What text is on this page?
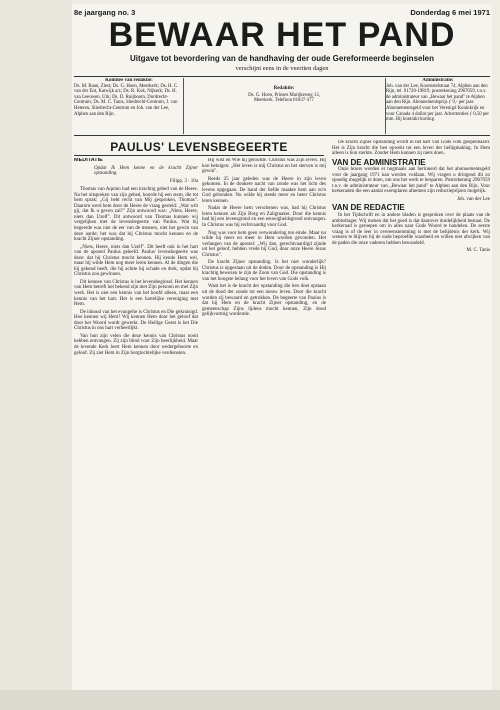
8e jaargang no. 3	Donderdag 6 mei 1971
BEWAAR HET PAND
Uitgave tot bevordering van de handhaving der oude Gereformeerde beginselen
verschijnt eens in de veertien dagen
Komitee van redaktie:
Ds. M. Baan, Ziest; Ds. G. Hoen, Meerkerk; Ds. H. C. van der Ent, Katwijk a/z; Ds. R. Kok, Nijkerk; Ds. H. van Leeuwen, Urk; Ds. D. Ruijboom, Dordrecht-Centrum; Ds. M. C. Tanis, Sliedrecht-Centrum; J. van Heteren, Sliedrecht-Centrum en Joh. van der Lee, Alphen aan den Rijn.
Redaktie:
Ds. G. Hoen, Prinses Marijkeweg 13,
Meerkerk. Telefoon 01837-377
Administratie:
Joh. van der Lee, Koornstelstraat 74, Alphen aan den Rijn, tel. 01720-19819, postrekening 2967059, t.n.v. de administrateur van „Bewaar het pand" te Alphen aan den Rijn. Abonnementsprijs ƒ 9,- per jaar. Abonnementsgeld voor het Verenigd Koninkrijk en voor Canada 4 dollar per jaar. Advertenties ƒ 0,50 per mm. Bij kontrakt korting.
PAULUS' LEVENSBEGEERTE
MEDITATIE
Opdat Ik Hem kenne en de kracht Zijner opstanding.
Filipp. 3 : 10a

Thomas van Aquino had een krachtig gebed van de Heere. Na het uitspreken van zijn gebed, hoorde hij een stem, die tot hem sprak: „Gij hebt recht van Mij gesproken, Thomas". Daarom werd hem door de Heere de vraag gesteld: „Wat wilt gij, dat Ik u geven zal?" Zijn antwoord was: „Niets, Heere, niets dan Uzelf". Dit antwoord van Thomas kunnen wij vergelijken met de levensbegeerte van Paulus. Wat hij begeerde was niet de eer van de mensen, niet het gewin van deze aarde; het was dat hij Christus mocht kennen en de kracht Zijner opstanding.

„Niets, Heere, niets dan Uzelf". Dit heeft ook in het hart van de apostel Paulus geleefd. Paulus' levensbegeerte was deze: dat hij Christus mocht kennen. Hij kende Hem wel, maar hij wilde Hem nog meer leren kennen. Al de dingen die hij gekend heeft, die hij achtte hij schade en drek, opdat hij Christus zou gewinnen.

Dit kennen van Christus is het levensbeginsel. Het kennen van Hem betreft het bekend zijn met Zijn persoon en met Zijn werk. Het is niet een kennis van het hoofd alleen, maar een kennis van het hart. Het is een hartelijke vereniging met Hem.

De inhoud van het evangelie is Christus en Die gekruisigd. Hoe kennen wij Hem? Wij kennen Hem door het geloof dat door het Woord wordt gewerkt. De Heilige Geest is het Die Christus in ons hart verheerlijkt.

Van hun zijn velen die deze kennis van Christus nooit hebben ontvangen. Zij zijn blind voor Zijn heerlijkheid. Maar de levende Kerk leert Hem kennen door wedergeboorte en geloof. Zij ziet Hem in Zijn borgtochtelijke verdiensten.

Hij wist en Wie hij geloofde. Christus was Zijn leven. Hij kon betuigen: „Het leven is mij Christus en het sterven is mij gewin".

Reeds 25 jaar geleden was de Heere in zijn leven gekomen. In de donkere nacht van zonde was het licht des levens opgegaan. De hand der liefde maakte hem aan zo'n God gebonden. Nu wilde hij steeds meer en beter Christus leren kennen.

Nadat de Heere hem verschenen was, had hij Christus leren kennen als Zijn Borg en Zaligmaker. Door die kennis had hij een levensgrond en een eeuwigheidsgrond ontvangen. In Christus was hij rechtvaardig voor God.

Nog was voor hem geen verwondering ten einde. Maar nu wilde hij meer en meer in Hem worden gevonden. Het verlangen van de apostel: „Wij dan, gerechtvaardigd zijnde uit het geloof, hebben vrede bij God, door onze Heere Jezus Christus".

De kracht Zijner opstanding. Is het niet wonderlijk? Christus is opgestaan uit de doden. Door de opstanding is Hij krachtig bewezen te zijn de Zoon van God. Die opstanding is van het hoogste belang voor het leven van Gods volk.

Want het is de kracht der opstanding die hen doet opstaan uit de dood der zonde tot een nieuw leven. Door die kracht worden zij bewaard en getrokken. De begeerte van Paulus is dat hij Hem en de kracht Zijner opstanding, en de gemeenschap Zijns lijdens mocht kennen, Zijn dood gelijkvormig wordende.

De kracht Zijner opstanding wordt in het hart van Gods volk geopenbaard. Het is Zijn kracht die hen opwekt tot een leven der heiligmaking. In Hem alleen is hun sterkte. Zonder Hem kunnen zij niets doen.

VAN DE ADMINISTRATIE

Onze lezers worden er nogmaals aan herinnerd dat het abonnementsgeld voor de jaargang 1971 kan worden voldaan. Wij vragen u dringend dit zo spoedig mogelijk te doen, om ons het werk te besparen. Postrekening 2967059 t.n.v. de administrateur van „Bewaar het pand" te Alphen aan den Rijn. Voor kerkeraden die een aantal exemplaren afnemen zijn reductieprijzen mogelijk.

Joh. van der Lee
VAN DE REDACTIE

In het Tijdschrift en in andere bladen is gesproken over de plaats van de ambtsdrager. Wij menen dat het goed is dat daarover duidelijkheid bestaat. De kerkeraad is geroepen om in alles naar Gods Woord te handelen. De eerste vraag is of de leer in overeenstemming is met de belijdenis der kerk. Wij wensen te blijven bij de oude beproefde waarheid en willen niet afwijken van de paden die onze vaderen hebben bewandeld.

M. C. Tanis
